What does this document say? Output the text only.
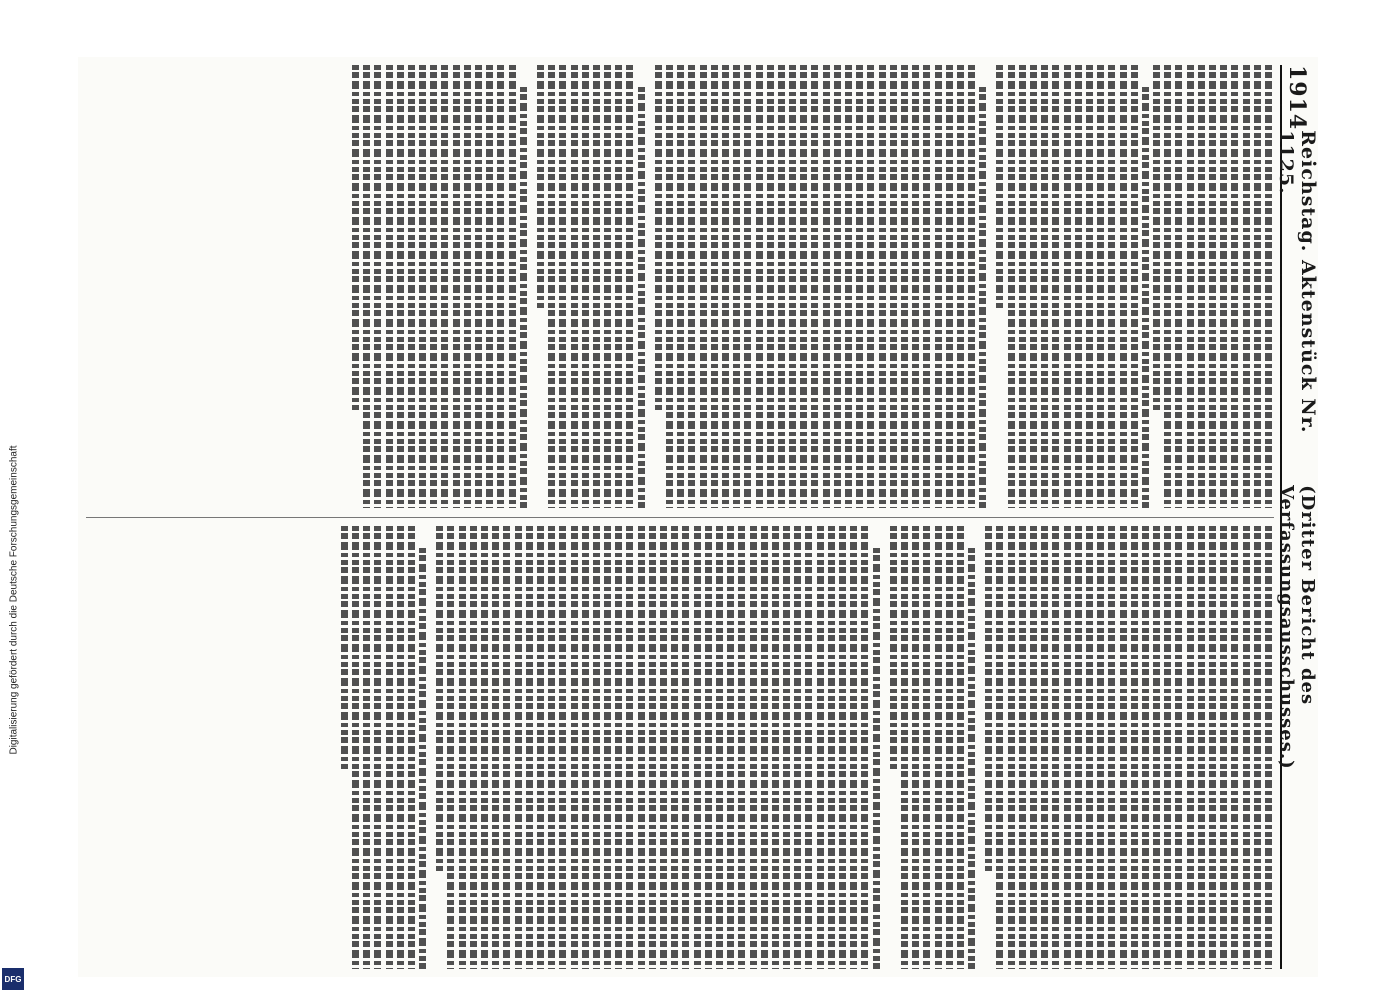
Digitalisierung gefördert durch die Deutsche Forschungsgemeinschaft
DFG
1914
Reichstag. Aktenstück Nr. 1125.
(Dritter Bericht des Verfassungsausschusses.)
